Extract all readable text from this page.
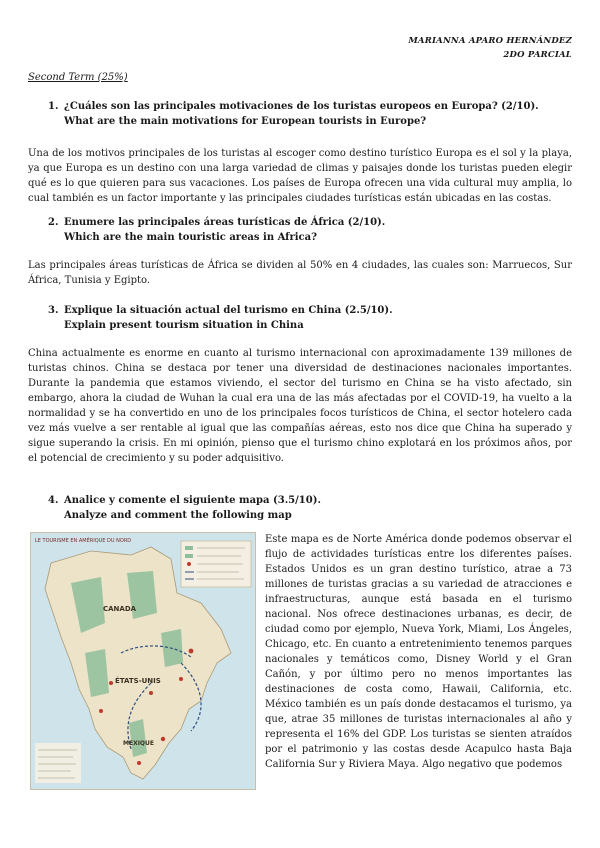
MARIANNA APARO HERNÁNDEZ
2DO PARCIAL
Second Term (25%)
1. ¿Cuáles son las principales motivaciones de los turistas europeos en Europa? (2/10).
What are the main motivations for European tourists in Europe?

Una de los motivos principales de los turistas al escoger como destino turístico Europa es el sol y la playa, ya que Europa es un destino con una larga variedad de climas y paisajes donde los turistas pueden elegir qué es lo que quieren para sus vacaciones. Los países de Europa ofrecen una vida cultural muy amplia, lo cual también es un factor importante y las principales ciudades turísticas están ubicadas en las costas.

2. Enumere las principales áreas turísticas de África (2/10).
Which are the main touristic areas in Africa?

Las principales áreas turísticas de África se dividen al 50% en 4 ciudades, las cuales son: Marruecos, Sur África, Tunisia y Egipto.

3. Explique la situación actual del turismo en China (2.5/10).
Explain present tourism situation in China

China actualmente es enorme en cuanto al turismo internacional con aproximadamente 139 millones de turistas chinos. China se destaca por tener una diversidad de destinaciones nacionales importantes. Durante la pandemia que estamos viviendo, el sector del turismo en China se ha visto afectado, sin embargo, ahora la ciudad de Wuhan la cual era una de las más afectadas por el COVID-19, ha vuelto a la normalidad y se ha convertido en uno de los principales focos turísticos de China, el sector hotelero cada vez más vuelve a ser rentable al igual que las compañías aéreas, esto nos dice que China ha superado y sigue superando la crisis. En mi opinión, pienso que el turismo chino explotará en los próximos años, por el potencial de crecimiento y su poder adquisitivo.

4. Analice y comente el siguiente mapa (3.5/10).
Analyze and comment the following map
LE TOURISME EN AMÉRIQUE DU NORD
CANADA
ÉTATS-UNIS
MEXIQUE

Este mapa es de Norte América donde podemos observar el flujo de actividades turísticas entre los diferentes países. Estados Unidos es un gran destino turístico, atrae a 73 millones de turistas gracias a su variedad de atracciones e infraestructuras, aunque está basada en el turismo nacional. Nos ofrece destinaciones urbanas, es decir, de ciudad como por ejemplo, Nueva York, Miami, Los Ángeles, Chicago, etc. En cuanto a entretenimiento tenemos parques nacionales y temáticos como, Disney World y el Gran Cañón, y por último pero no menos importantes las destinaciones de costa como, Hawaii, California, etc. México también es un país donde destacamos el turismo, ya que, atrae 35 millones de turistas internacionales al año y representa el 16% del GDP. Los turistas se sienten atraídos por el patrimonio y las costas desde Acapulco hasta Baja California Sur y Riviera Maya. Algo negativo que podemos
